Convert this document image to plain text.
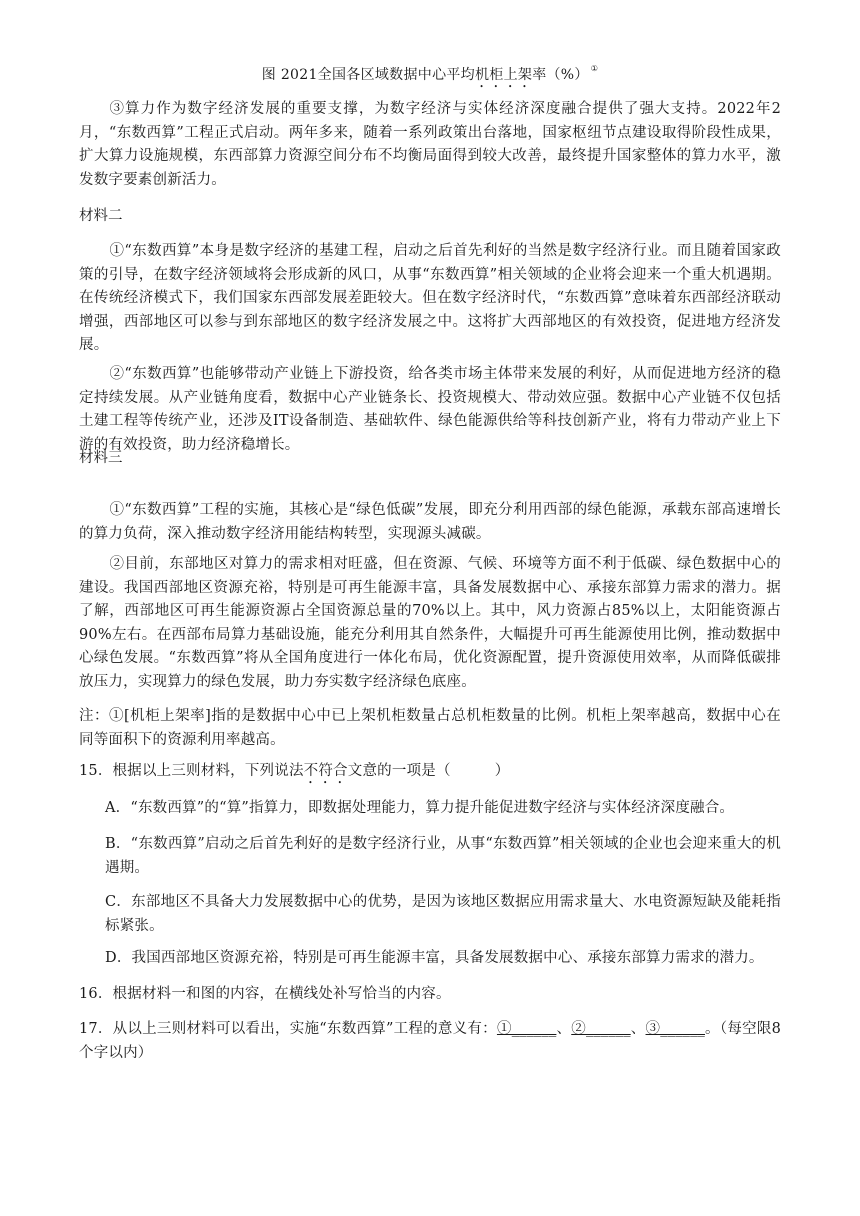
图 2021全国各区域数据中心平均机柜上架率（%） ①
③算力作为数字经济发展的重要支撑，为数字经济与实体经济深度融合提供了强大支持。2022年2月，“东数西算”工程正式启动。两年多来，随着一系列政策出台落地，国家枢纽节点建设取得阶段性成果，扩大算力设施规模，东西部算力资源空间分布不均衡局面得到较大改善，最终提升国家整体的算力水平，激发数字要素创新活力。
材料二
①“东数西算”本身是数字经济的基建工程，启动之后首先利好的当然是数字经济行业。而且随着国家政策的引导，在数字经济领域将会形成新的风口，从事“东数西算”相关领域的企业将会迎来一个重大机遇期。在传统经济模式下，我们国家东西部发展差距较大。但在数字经济时代，“东数西算”意味着东西部经济联动增强，西部地区可以参与到东部地区的数字经济发展之中。这将扩大西部地区的有效投资，促进地方经济发展。
②“东数西算”也能够带动产业链上下游投资，给各类市场主体带来发展的利好，从而促进地方经济的稳定持续发展。从产业链角度看，数据中心产业链条长、投资规模大、带动效应强。数据中心产业链不仅包括土建工程等传统产业，还涉及IT设备制造、基础软件、绿色能源供给等科技创新产业，将有力带动产业上下游的有效投资，助力经济稳增长。
材料三
①“东数西算”工程的实施，其核心是“绿色低碳”发展，即充分利用西部的绿色能源，承载东部高速增长的算力负荷，深入推动数字经济用能结构转型，实现源头减碳。
②目前，东部地区对算力的需求相对旺盛，但在资源、气候、环境等方面不利于低碳、绿色数据中心的建设。我国西部地区资源充裕，特别是可再生能源丰富，具备发展数据中心、承接东部算力需求的潜力。据了解，西部地区可再生能源资源占全国资源总量的70%以上。其中，风力资源占85%以上，太阳能资源占90%左右。在西部布局算力基础设施，能充分利用其自然条件，大幅提升可再生能源使用比例，推动数据中心绿色发展。“东数西算”将从全国角度进行一体化布局，优化资源配置，提升资源使用效率，从而降低碳排放压力，实现算力的绿色发展，助力夯实数字经济绿色底座。
注：①[机柜上架率]指的是数据中心中已上架机柜数量占总机柜数量的比例。机柜上架率越高，数据中心在同等面积下的资源利用率越高。
15．根据以上三则材料，下列说法不符合文意的一项是（　　　）
A．“东数西算”的“算”指算力，即数据处理能力，算力提升能促进数字经济与实体经济深度融合。
B．“东数西算”启动之后首先利好的是数字经济行业，从事“东数西算”相关领域的企业也会迎来重大的机遇期。
C．东部地区不具备大力发展数据中心的优势，是因为该地区数据应用需求量大、水电资源短缺及能耗指标紧张。
D．我国西部地区资源充裕，特别是可再生能源丰富，具备发展数据中心、承接东部算力需求的潜力。
16．根据材料一和图的内容，在横线处补写恰当的内容。
17．从以上三则材料可以看出，实施“东数西算”工程的意义有：①______、②______、③______。（每空限8个字以内）
